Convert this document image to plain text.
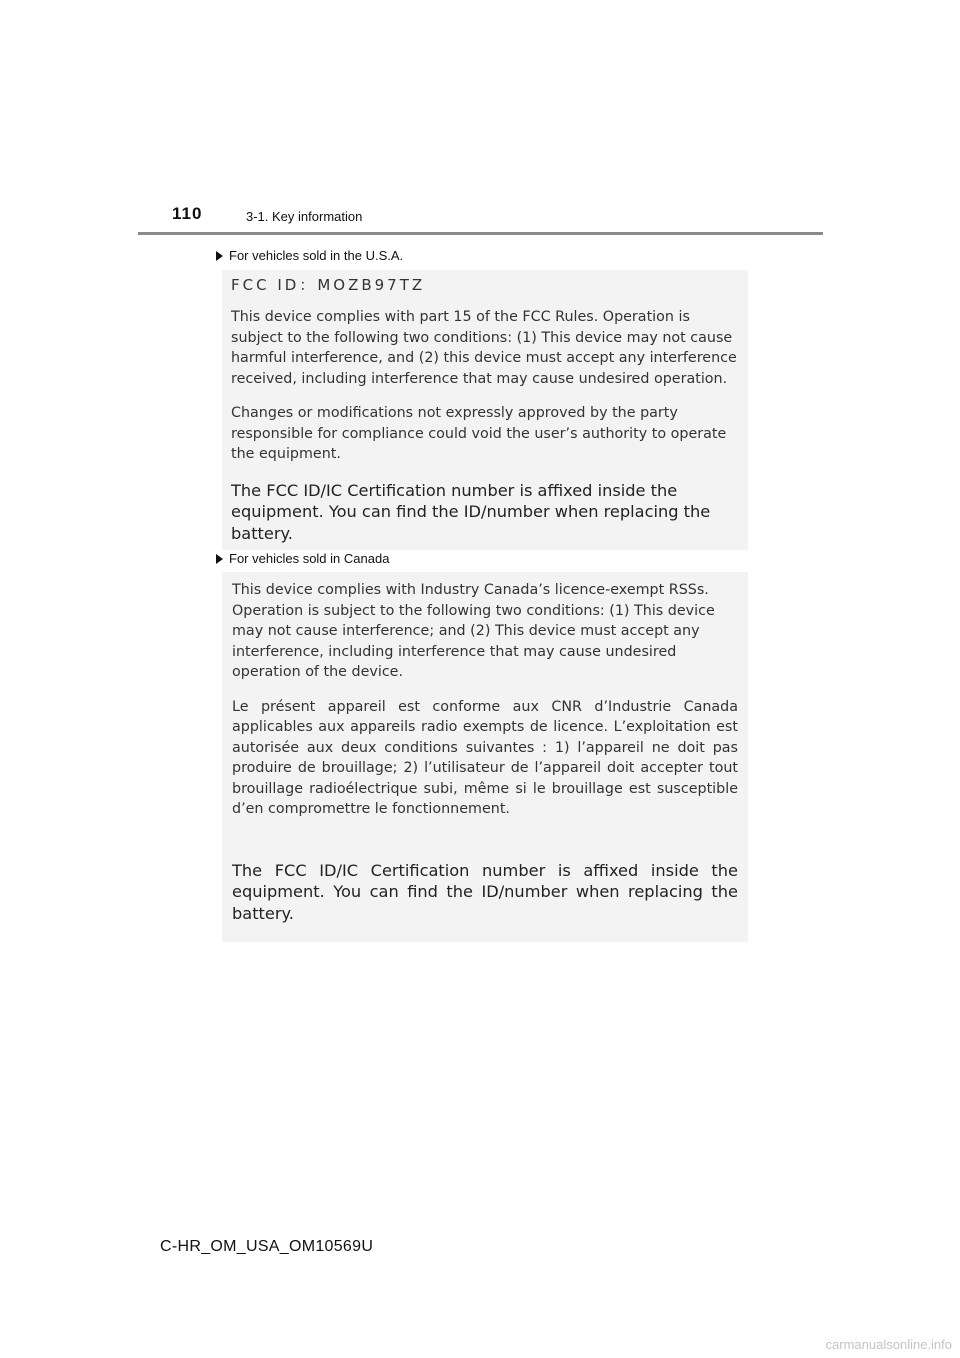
110	3-1. Key information
For vehicles sold in the U.S.A.

FCC ID：MOZB97TZ

This device complies with part 15 of the FCC Rules. Operation is subject to the following two conditions: (1) This device may not cause harmful interference, and (2) this device must accept any interference received, including interference that may cause undesired operation.

Changes or modifications not expressly approved by the party responsible for compliance could void the user’s authority to operate the equipment.

The FCC ID/IC Certification number is affixed inside the equipment. You can find the ID/number when replacing the battery.

For vehicles sold in Canada

This device complies with Industry Canada’s licence-exempt RSSs. Operation is subject to the following two conditions: (1) This device may not cause interference; and (2) This device must accept any interference, including interference that may cause undesired operation of the device.

Le présent appareil est conforme aux CNR d’Industrie Canada applicables aux appareils radio exempts de licence. L’exploitation est autorisée aux deux conditions suivantes : 1) l’appareil ne doit pas produire de brouillage; 2) l’utilisateur de l’appareil doit accepter tout brouillage radioélectrique subi, même si le brouillage est susceptible d’en compromettre le fonctionnement.

The FCC ID/IC Certification number is affixed inside the equipment. You can find the ID/number when replacing the battery.

C-HR_OM_USA_OM10569U
carmanualsonline.info
